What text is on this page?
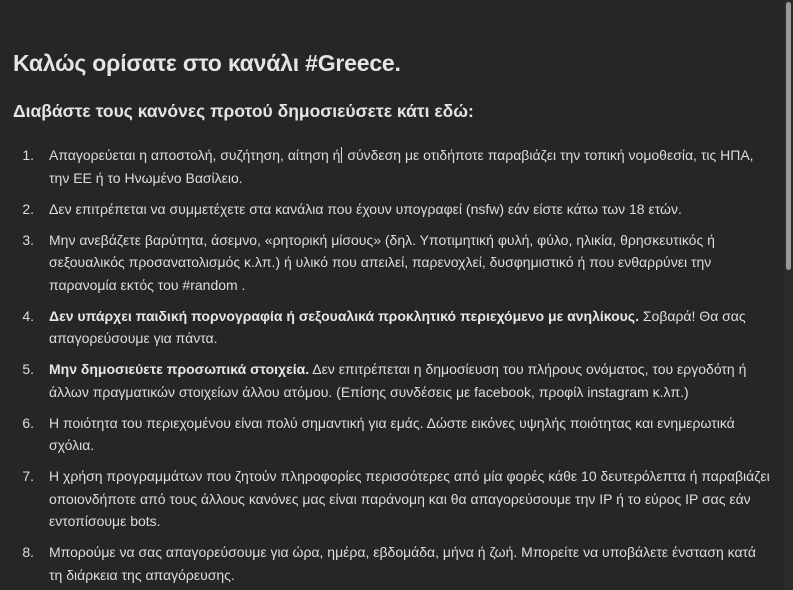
Καλώς ορίσατε στο κανάλι #Greece.
Διαβάστε τους κανόνες προτού δημοσιεύσετε κάτι εδώ:
1. Απαγορεύεται η αποστολή, συζήτηση, αίτηση ή σύνδεση με οτιδήποτε παραβιάζει την τοπική νομοθεσία, τις ΗΠΑ, την ΕΕ ή το Ηνωμένο Βασίλειο.
2. Δεν επιτρέπεται να συμμετέχετε στα κανάλια που έχουν υπογραφεί (nsfw) εάν είστε κάτω των 18 ετών.
3. Μην ανεβάζετε βαρύτητα, άσεμνο, «ρητορική μίσους» (δηλ. Υποτιμητική φυλή, φύλο, ηλικία, θρησκευτικός ή σεξουαλικός προσανατολισμός κ.λπ.) ή υλικό που απειλεί, παρενοχλεί, δυσφημιστικό ή που ενθαρρύνει την παρανομία εκτός του #random .
4. Δεν υπάρχει παιδική πορνογραφία ή σεξουαλικά προκλητικό περιεχόμενο με ανηλίκους. Σοβαρά! Θα σας απαγορεύσουμε για πάντα.
5. Μην δημοσιεύετε προσωπικά στοιχεία. Δεν επιτρέπεται η δημοσίευση του πλήρους ονόματος, του εργοδότη ή άλλων πραγματικών στοιχείων άλλου ατόμου. (Επίσης συνδέσεις με facebook, προφίλ instagram κ.λπ.)
6. Η ποιότητα του περιεχομένου είναι πολύ σημαντική για εμάς. Δώστε εικόνες υψηλής ποιότητας και ενημερωτικά σχόλια.
7. Η χρήση προγραμμάτων που ζητούν πληροφορίες περισσότερες από μία φορές κάθε 10 δευτερόλεπτα ή παραβιάζει οποιονδήποτε από τους άλλους κανόνες μας είναι παράνομη και θα απαγορεύσουμε την IP ή το εύρος IP σας εάν εντοπίσουμε bots.
8. Μπορούμε να σας απαγορεύσουμε για ώρα, ημέρα, εβδομάδα, μήνα ή ζωή. Μπορείτε να υποβάλετε ένσταση κατά τη διάρκεια της απαγόρευσης.
